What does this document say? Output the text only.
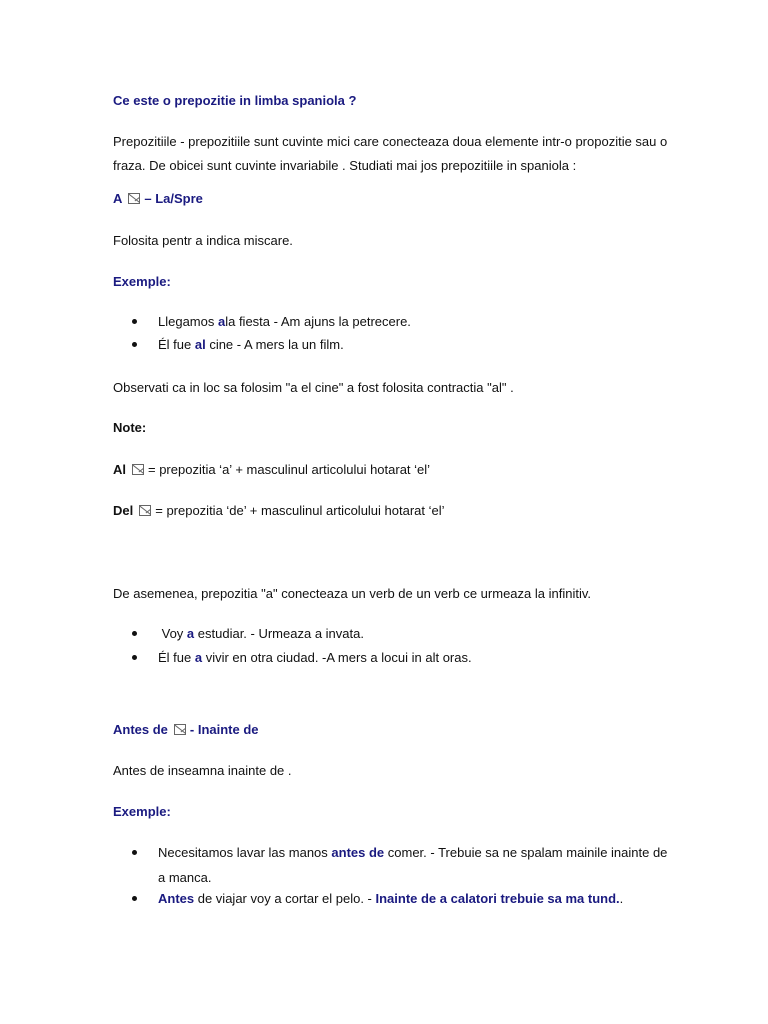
Ce este o prepozitie in limba spaniola ?
Prepozitiile - prepozitiile sunt cuvinte mici care conecteaza doua elemente intr-o propozitie sau o
fraza. De obicei sunt cuvinte invariabile . Studiati mai jos prepozitiile in spaniola :
A – La/Spre
Folosita pentr a indica miscare.
Exemple:
Llegamos ala fiesta - Am ajuns la petrecere.
Él fue al cine - A mers la un film.
Observati ca in loc sa folosim "a el cine" a fost folosita contractia "al" .
Note:
Al = prepozitia ‘a’ + masculinul articolului hotarat ‘el’
Del = prepozitia ‘de’ + masculinul articolului hotarat ‘el’
De asemenea, prepozitia "a" conecteaza un verb de un verb ce urmeaza la infinitiv.
Voy a estudiar. - Urmeaza a invata.
Él fue a vivir en otra ciudad. -A mers a locui in alt oras.
Antes de - Inainte de
Antes de inseamna inainte de .
Exemple:
Necesitamos lavar las manos antes de comer. - Trebuie sa ne spalam mainile inainte de
a manca.
Antes de viajar voy a cortar el pelo. - Inainte de a calatori trebuie sa ma tund..
